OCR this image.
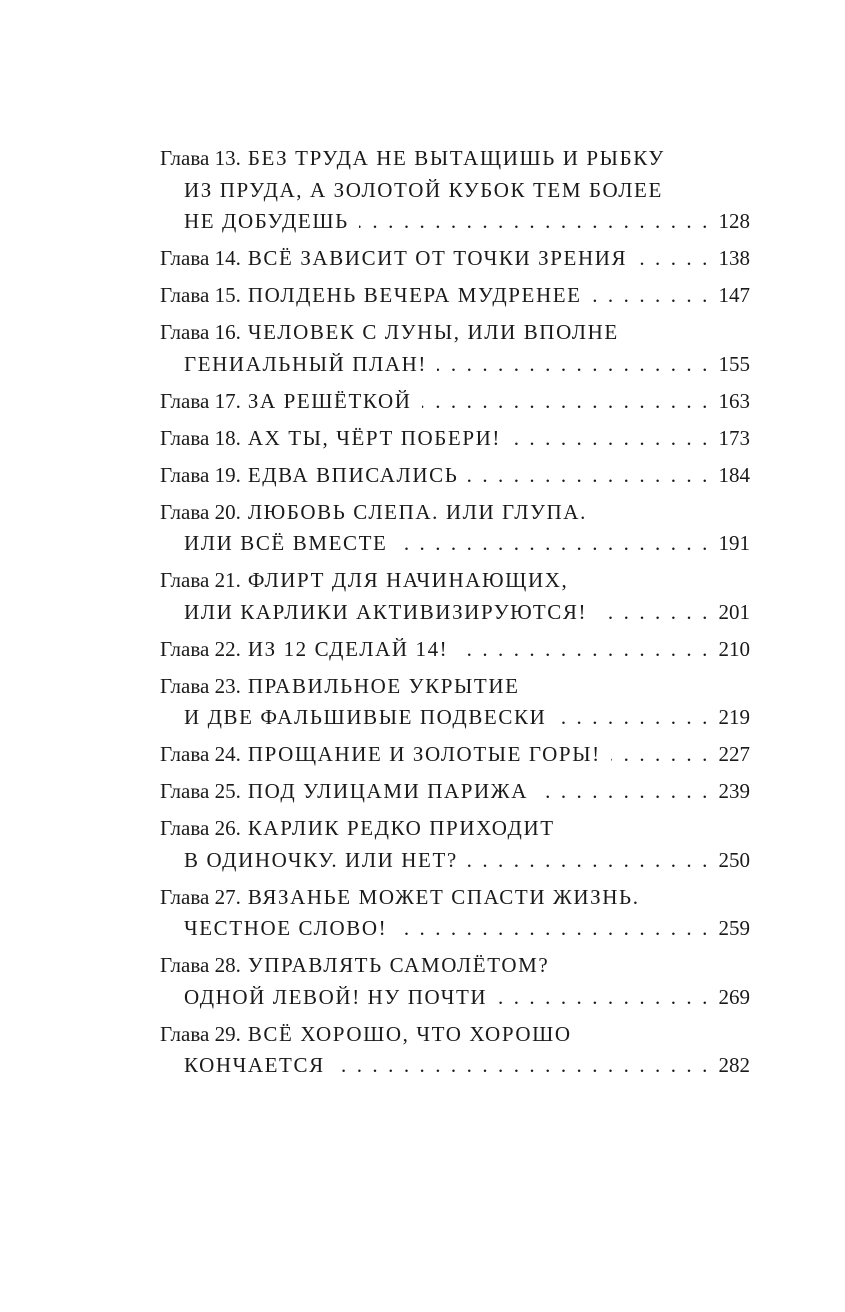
Глава 13. БЕЗ ТРУДА НЕ ВЫТАЩИШЬ И РЫБКУ
ИЗ ПРУДА, А ЗОЛОТОЙ КУБОК ТЕМ БОЛЕЕ
НЕ ДОБУДЕШЬ . . .	128
Глава 14. ВСЁ ЗАВИСИТ ОТ ТОЧКИ ЗРЕНИЯ . . .	138
Глава 15. ПОЛДЕНЬ ВЕЧЕРА МУДРЕНЕЕ . . .	147
Глава 16. ЧЕЛОВЕК С ЛУНЫ, ИЛИ ВПОЛНЕ
ГЕНИАЛЬНЫЙ ПЛАН! . . .	155
Глава 17. ЗА РЕШЁТКОЙ . . .	163
Глава 18. АХ ТЫ, ЧЁРТ ПОБЕРИ! . . .	173
Глава 19. ЕДВА ВПИСАЛИСЬ . . .	184
Глава 20. ЛЮБОВЬ СЛЕПА. ИЛИ ГЛУПА.
ИЛИ ВСЁ ВМЕСТЕ . . .	191
Глава 21. ФЛИРТ ДЛЯ НАЧИНАЮЩИХ,
ИЛИ КАРЛИКИ АКТИВИЗИРУЮТСЯ! . . .	201
Глава 22. ИЗ 12 СДЕЛАЙ 14! . . .	210
Глава 23. ПРАВИЛЬНОЕ УКРЫТИЕ
И ДВЕ ФАЛЬШИВЫЕ ПОДВЕСКИ . . .	219
Глава 24. ПРОЩАНИЕ И ЗОЛОТЫЕ ГОРЫ! . . .	227
Глава 25. ПОД УЛИЦАМИ ПАРИЖА . . .	239
Глава 26. КАРЛИК РЕДКО ПРИХОДИТ
В ОДИНОЧКУ. ИЛИ НЕТ? . . .	250
Глава 27. ВЯЗАНЬЕ МОЖЕТ СПАСТИ ЖИЗНЬ.
ЧЕСТНОЕ СЛОВО! . . .	259
Глава 28. УПРАВЛЯТЬ САМОЛЁТОМ?
ОДНОЙ ЛЕВОЙ! НУ ПОЧТИ . . .	269
Глава 29. ВСЁ ХОРОШО, ЧТО ХОРОШО
КОНЧАЕТСЯ . . .	282
